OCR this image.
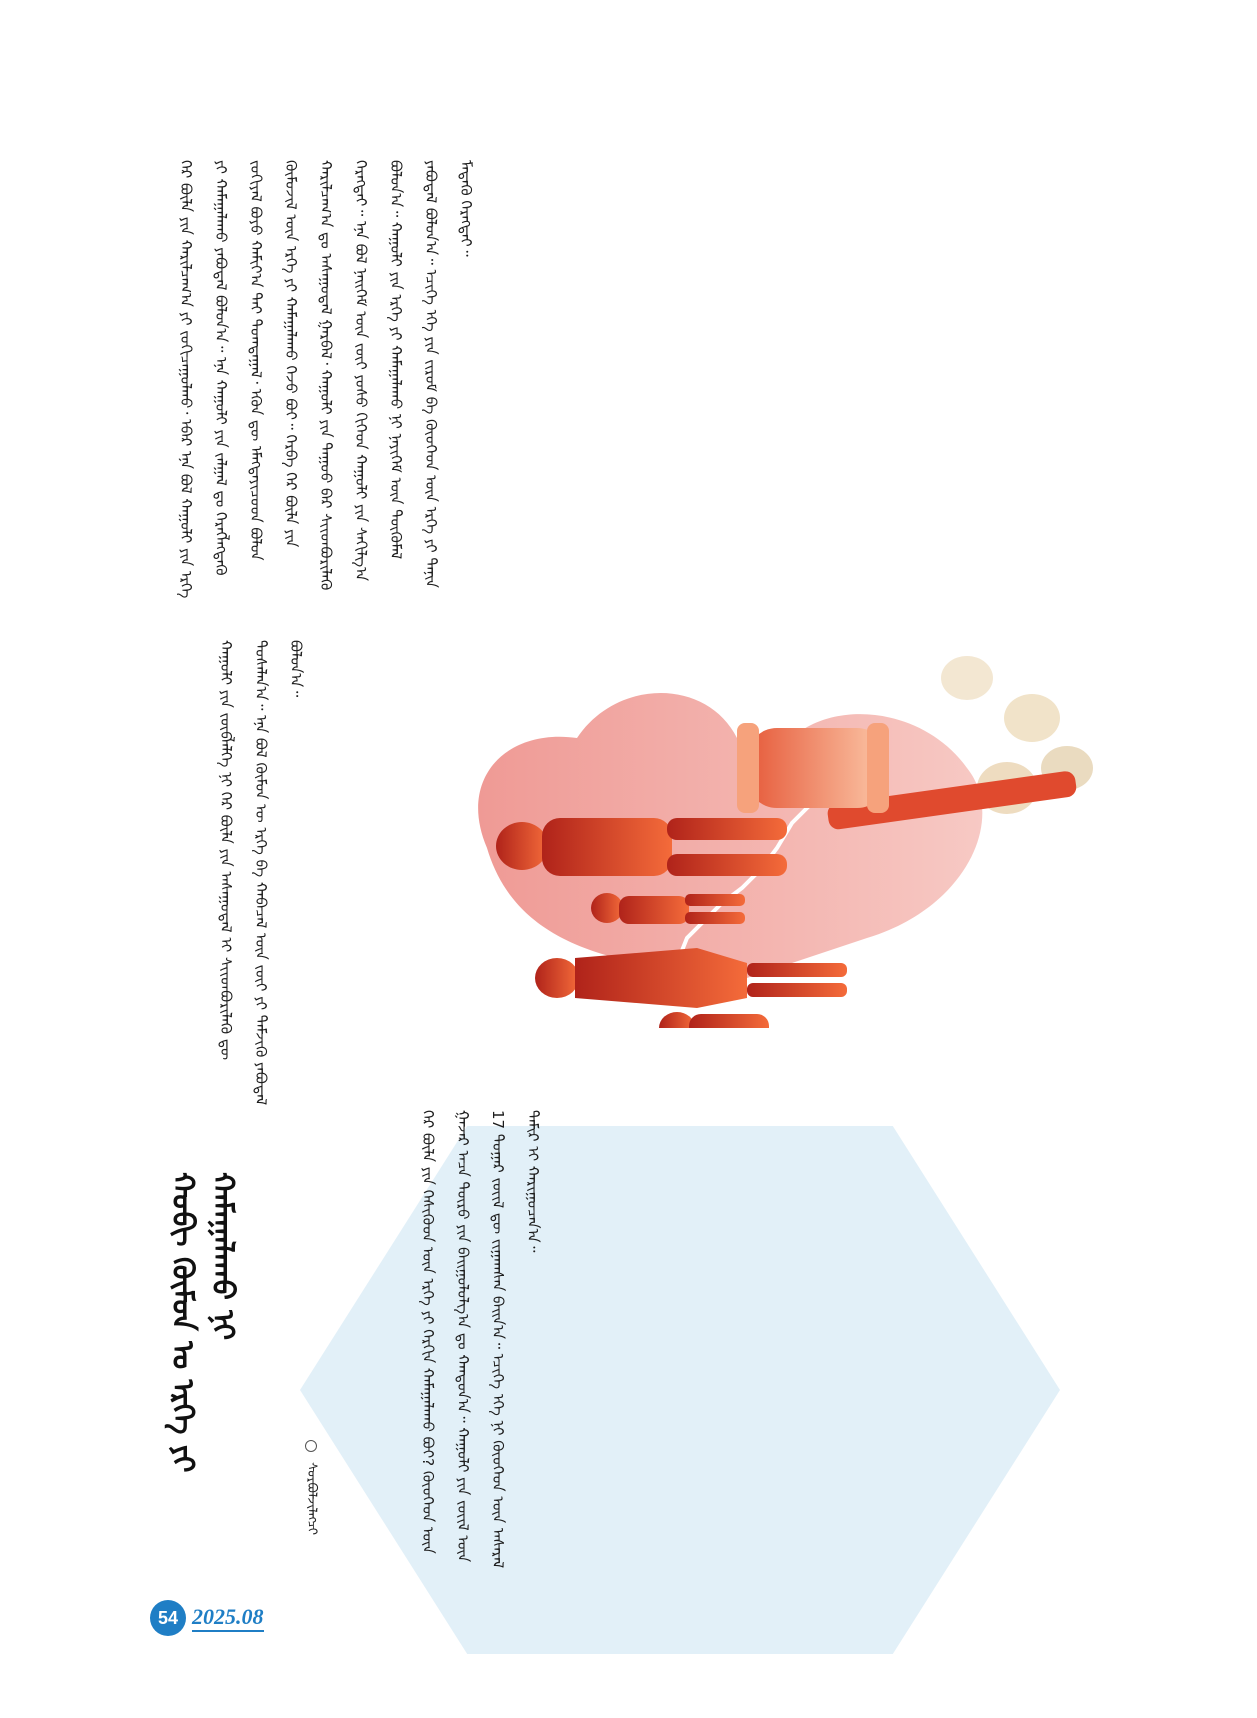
ᠭᠡᠷ ᠪᠦᠯᠡ ᠶᠢᠨ ᠬᠠᠷᠢᠯᠴᠠᠭ᠎ᠠ ᠶᠢ ᠵᠣᠬᠢᠴᠠᠭᠤᠯᠬᠤ᠂ ᠡᠪᠡᠷ ᠡᠨᠡ ᠪᠣᠯ ᠬᠠᠭᠤᠯᠢ ᠶᠢᠨ ᠡᠷᠬᠡ ᠶᠢ ᠬᠠᠮᠠᠭᠠᠯᠠᠬᠤ ᠶᠠᠪᠤᠳᠠᠯ ᠪᠣᠯᠤᠨ᠎ᠠ᠃ ᠡᠨᠡ ᠬᠠᠭᠤᠯᠢ ᠶᠢᠨ ᠵᠠᠯᠭᠠᠯ ᠳᠤ ᠬᠡᠷᠡᠭᠯᠡᠭᠳᠡᠬᠦ ᠵᠣᠬᠢᠶᠠᠯ ᠪᠤᠶᠤ ᠬᠠᠮᠢᠶ᠎ᠠ ᠲᠠᠢ ᠲᠣᠭᠲᠠᠭᠠᠯ᠂ ᠡᠭᠦᠨ ᠳᠦ ᠡᠮᠡᠭᠲᠡᠶᠢᠴᠦᠳ ᠪᠣᠯᠤᠨ ᠬᠦᠮᠦᠵᠢᠯ ᠦᠨ ᠡᠷᠬᠡ ᠶᠢ ᠬᠠᠮᠠᠭᠠᠯᠠᠬᠤ ᠭᠡᠵᠦ ᠪᠤᠢ᠃ ᠬᠡᠷᠪᠡ ᠭᠡᠷ ᠪᠦᠯᠡ ᠶᠢᠨ ᠬᠠᠷᠢᠯᠴᠠᠭ᠎ᠠ ᠳᠤ ᠠᠰᠠᠭᠤᠳᠠᠯ ᠭᠠᠷᠪᠠᠯ᠂ ᠬᠠᠭᠤᠯᠢ ᠶᠢᠨ ᠳᠠᠭᠤᠤ ᠪᠠᠷ ᠰᠢᠢᠳᠪᠦᠷᠢᠯᠡᠬᠦ ᠬᠡᠷᠡᠭᠲᠡᠢ᠃ ᠡᠨᠡ ᠪᠣᠯ ᠨᠡᠢᠭᠡᠮ ᠦᠨ ᠵᠦᠢ ᠶᠣᠰᠣ ᠬᠢᠭᠡᠳ ᠬᠠᠭᠤᠯᠢ ᠶᠢᠨ ᠰᠠᠬᠢᠯᠭ᠎ᠠ ᠪᠣᠯᠤᠨ᠎ᠠ᠃ ᠬᠠᠭᠤᠯᠢ ᠶᠢᠨ ᠡᠷᠬᠡ ᠶᠢ ᠬᠠᠮᠠᠭᠠᠯᠠᠬᠤ ᠨᠢ ᠨᠡᠶᠢᠭᠡᠮ ᠦᠨ ᠲᠦᠭᠦᠮᠡᠯ ᠶᠠᠪᠤᠳᠠᠯ ᠪᠣᠯᠤᠨ᠎ᠠ᠃ ᠡᠴᠢᠭᠡ ᠡᠬᠡ ᠶᠢᠨ ᠵᠢᠷᠤᠮ ᠪᠠ ᠬᠦᠦᠬᠡᠳ ᠦᠨ ᠡᠷᠬᠡ ᠶᠢ ᠲᠠᠨᠢᠨ ᠮᠡᠳᠡᠬᠦ ᠬᠡᠷᠡᠭᠲᠡᠢ᠃
ᠬᠠᠭᠤᠯᠢ ᠶᠢᠨ ᠵᠦᠪᠯᠡᠯᠭᠡ ᠨᠢ ᠭᠡᠷ ᠪᠦᠯᠡ ᠶᠢᠨ ᠠᠰᠠᠭᠤᠳᠠᠯ ᠢ ᠰᠢᠢᠳᠪᠦᠷᠢᠯᠡᠬᠦ ᠳᠦ ᠲᠤᠰᠠᠯᠠᠨ᠎ᠠ᠃ ᠡᠨᠡ ᠪᠣᠯ ᠬᠦᠮᠦᠨ ᠦ ᠡᠷᠬᠡ ᠪᠠ ᠬᠠᠪᠠᠴᠠᠯ ᠦᠨ ᠵᠦᠢ ᠶᠢ ᠳᠡᠮᠵᠢᠬᠦ ᠶᠠᠪᠤᠳᠠᠯ ᠪᠣᠯᠤᠨ᠎ᠠ᠃
ᠭᠡᠷ ᠪᠦᠯᠡ ᠶᠢᠨ ᠭᠡᠰᠢᠭᠦᠳ ᠦᠨ ᠡᠷᠬᠡ ᠶᠢ ᠬᠡᠷᠬᠢᠨ ᠬᠠᠮᠠᠭᠠᠯᠠᠬᠤ ᠪᠤᠢ? ᠬᠦᠦᠬᠡᠳ ᠦᠨ ᠭᠠᠵᠠᠷ ᠠᠴᠠ ᠲᠦᠷᠦ ᠶᠢᠨ ᠪᠠᠢᠭᠤᠯᠤᠯᠭ᠎ᠠ ᠳᠤ ᠬᠠᠨᠳᠤᠨ᠎ᠠ᠃ ᠬᠠᠭᠤᠯᠢ ᠶᠢᠨ ᠵᠦᠢᠯ ᠦᠨ 17 ᠳᠤᠭᠠᠷ ᠵᠦᠢᠯ ᠳᠦ ᠵᠢᠭᠠᠭᠰᠠᠨ ᠪᠠᠢᠨ᠎ᠠ᠃ ᠡᠴᠢᠭᠡ ᠡᠬᠡ ᠨᠢ ᠬᠦᠦᠬᠡᠳ ᠦᠨ ᠠᠰᠠᠷᠠᠯ ᠲᠠᠮᠢᠷ ᠢ ᠬᠠᠷᠢᠭᠤᠴᠠᠨ᠎ᠠ᠃
ᠬᠤᠪᠢ ᠬᠦᠮᠦᠨ ᠤ ᠡᠷᠬᠡ ᠶᠢ ᠬᠠᠮᠠᠭᠠᠯᠠᠬᠤ ᠨᠢ
ᠰᠤᠷᠪᠤᠯᠵᠢᠯᠡᠭᠴᠢ
54 2025.08
